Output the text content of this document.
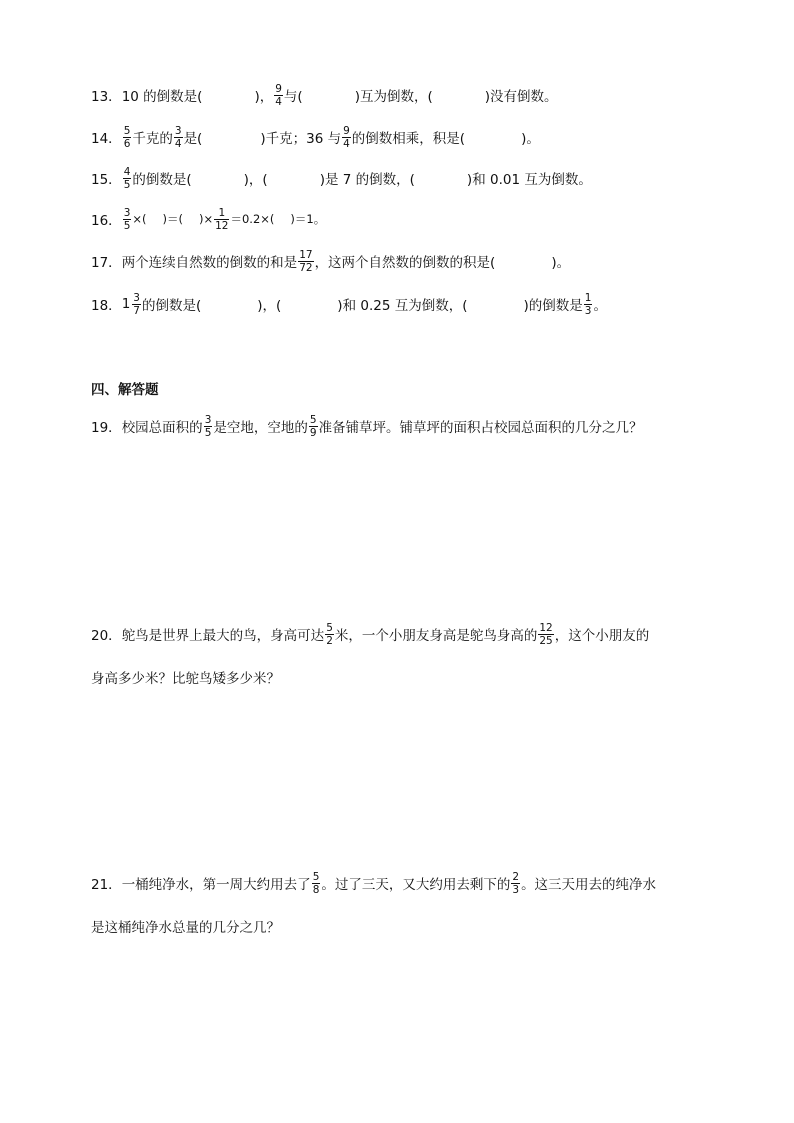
13． 10 的倒数是(	)， $\frac{9}{4}$ 与(	)互为倒数，(	)没有倒数。
14． $\frac{5}{6}$ 千克的 $\frac{3}{4}$ 是(	)千克；36 与 $\frac{9}{4}$ 的倒数相乘，积是(	)。
15． $\frac{4}{5}$ 的倒数是(	)，(	)是 7 的倒数，(	)和 0.01 互为倒数。
16． $\frac{3}{5}$ ×( )＝( )× $\frac{1}{12} =0.2\times$( )＝1。
17． 两个连续自然数的倒数的和是 $\frac{17}{72}$ ，这两个自然数的倒数的积是(	)。
18． $1 \frac{3}{7}$ 的倒数是(	)，(	)和 0.25 互为倒数，(	)的倒数是 $\frac{1}{3}$ 。
四、解答题
19． 校园总面积的 $\frac{3}{5}$ 是空地，空地的 $\frac{5}{9}$ 准备铺草坪。铺草坪的面积占校园总面积的几分之几？
20． 鸵鸟是世界上最大的鸟，身高可达 $\frac{5}{2}$ 米，一个小朋友身高是鸵鸟身高的 $\frac{12}{25}$ ，这个小朋友的
身高多少米？比鸵鸟矮多少米？
21． 一桶纯净水，第一周大约用去了 $\frac{5}{8}$ 。过了三天，又大约用去剩下的 $\frac{2}{3}$ 。这三天用去的纯净水
是这桶纯净水总量的几分之几？
